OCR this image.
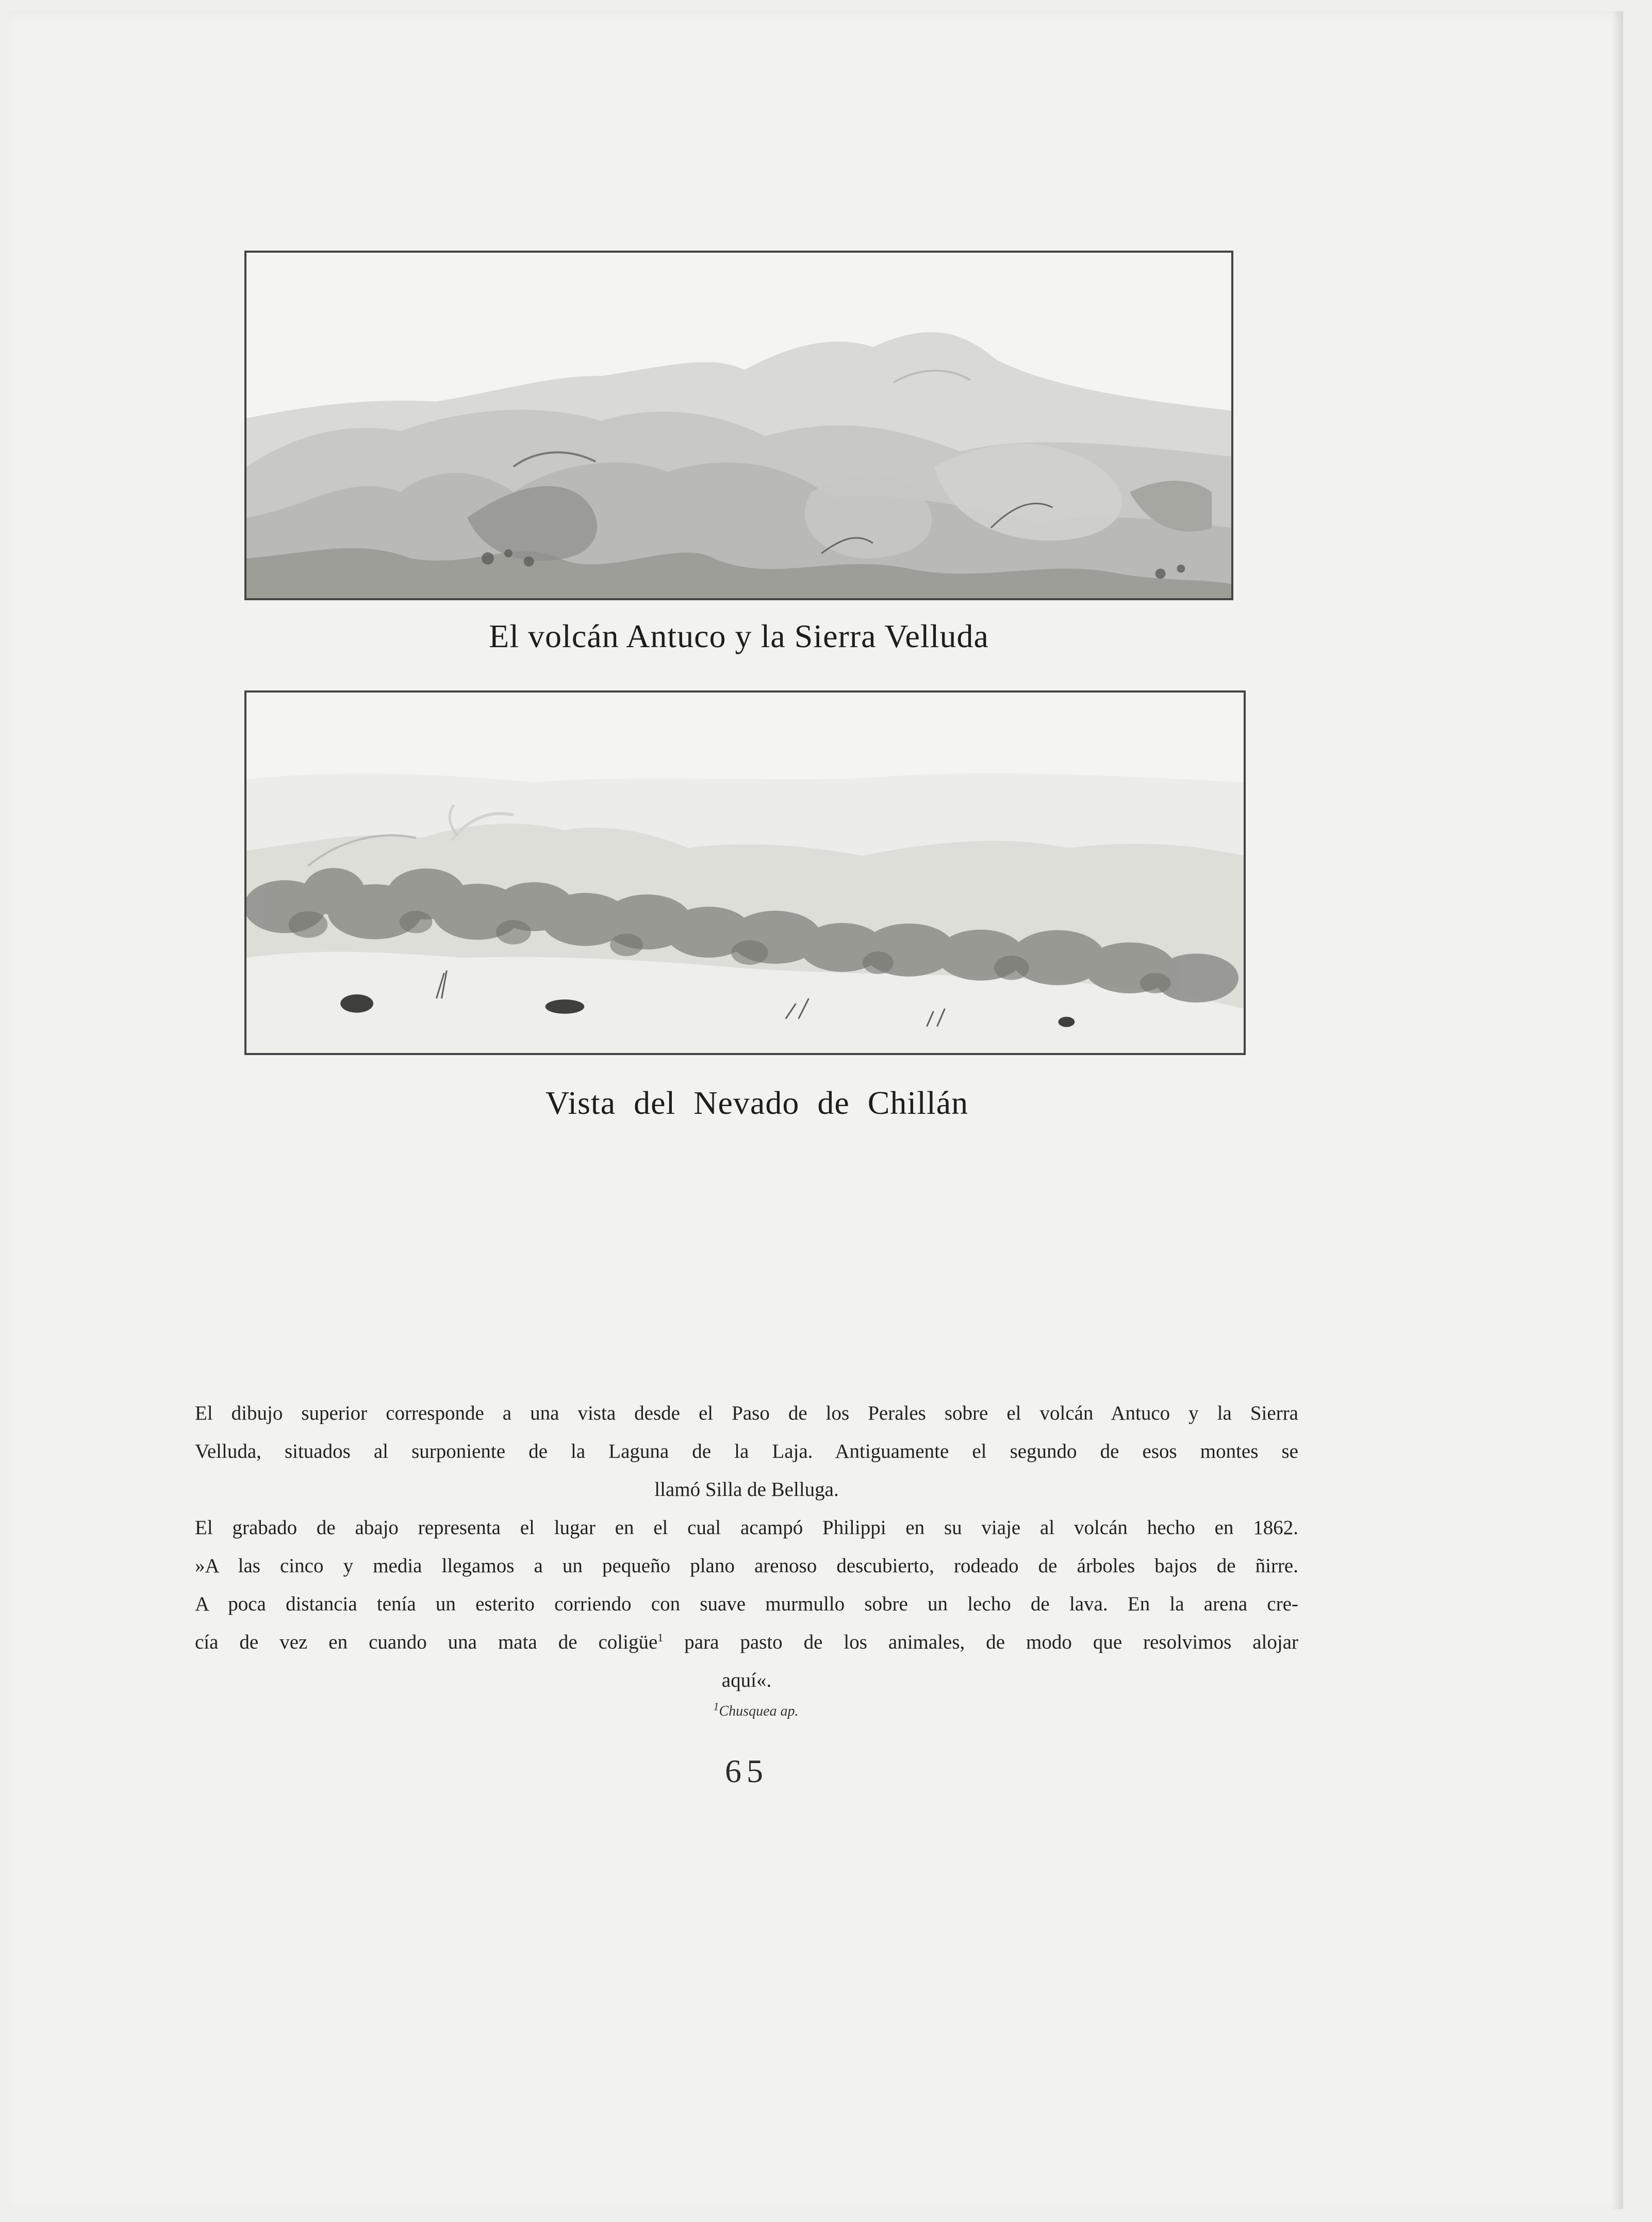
El volcán Antuco y la Sierra Velluda
Vista del Nevado de Chillán
El dibujo superior corresponde a una vista desde el Paso de los Perales sobre el volcán Antuco y la Sierra
Velluda, situados al surponiente de la Laguna de la Laja. Antiguamente el segundo de esos montes se
llamó Silla de Belluga.
El grabado de abajo representa el lugar en el cual acampó Philippi en su viaje al volcán hecho en 1862.
»A las cinco y media llegamos a un pequeño plano arenoso descubierto, rodeado de árboles bajos de ñirre.
A poca distancia tenía un esterito corriendo con suave murmullo sobre un lecho de lava. En la arena cre-
cía de vez en cuando una mata de coligüe$^1$ para pasto de los animales, de modo que resolvimos alojar
aquí«.
$^1$Chusquea ap.
65
